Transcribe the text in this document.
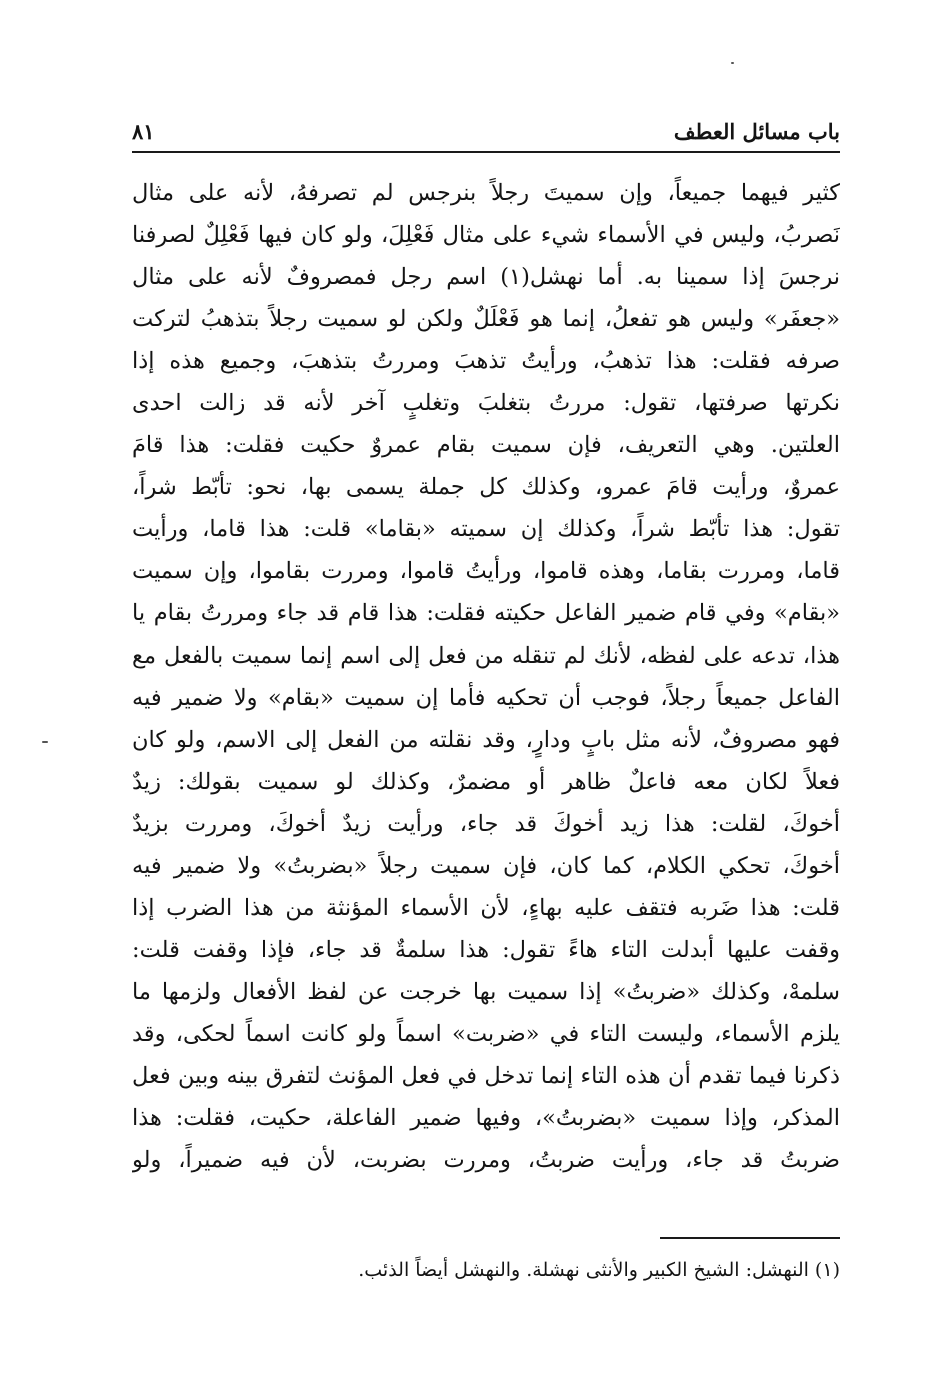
باب مسائل العطف
٨١
كثير فيهما جميعاً، وإن سميتَ رجلاً بنرجس لم تصرفهُ، لأنه على مثال
نَصربُ، وليس في الأسماء شيء على مثال فَعْلِلَ، ولو كان فيها فَعْلِلٌ لصرفنا
نرجسَ إذا سمينا به. أما نهشل(١) اسم رجل فمصروفٌ لأنه على مثال
«جعفَر» وليس هو تفعلُ، إنما هو فَعْلَلٌ ولكن لو سميت رجلاً بتذهبُ لتركت
صرفه فقلت: هذا تذهبُ، ورأيتُ تذهبَ ومررتُ بتذهبَ، وجميع هذه إذا
نكرتها صرفتها، تقول: مررتُ بتغلبَ وتغلبٍ آخر لأنه قد زالت احدى
العلتين. وهي التعريف، فإن سميت بقام عمروٌ حكيت فقلت: هذا قامَ
عمروٌ، ورأيت قامَ عمرو، وكذلك كل جملة يسمى بها، نحو: تأبّط شراً،
تقول: هذا تأبّط شراً، وكذلك إن سميته «بقاما» قلت: هذا قاما، ورأيت
قاما، ومررت بقاما، وهذه قاموا، ورأيتُ قاموا، ومررت بقاموا، وإن سميت
«بقام» وفي قام ضمير الفاعل حكيته فقلت: هذا قام قد جاء ومررتُ بقام يا
هذا، تدعه على لفظه، لأنك لم تنقله من فعل إلى اسم إنما سميت بالفعل مع
الفاعل جميعاً رجلاً، فوجب أن تحكيه فأما إن سميت «بقام» ولا ضمير فيه
فهو مصروفٌ، لأنه مثل بابٍ ودارٍ، وقد نقلته من الفعل إلى الاسم، ولو كان
فعلاً لكان معه فاعلٌ ظاهر أو مضمرٌ، وكذلك لو سميت بقولك: زيدٌ
أخوكَ، لقلت: هذا زيد أخوكَ قد جاء، ورأيت زيدٌ أخوكَ، ومررت بزيدٌ
أخوكَ، تحكي الكلام، كما كان، فإن سميت رجلاً «بضربتُ» ولا ضمير فيه
قلت: هذا ضَربه فتقف عليه بهاءٍ، لأن الأسماء المؤنثة من هذا الضرب إذا
وقفت عليها أبدلت التاء هاءً تقول: هذا سلمةٌ قد جاء، فإذا وقفت قلت:
سلمهْ، وكذلك «ضربتُ» إذا سميت بها خرجت عن لفظ الأفعال ولزمها ما
يلزم الأسماء، وليست التاء في «ضربت» اسماً ولو كانت اسماً لحكى، وقد
ذكرنا فيما تقدم أن هذه التاء إنما تدخل في فعل المؤنث لتفرق بينه وبين فعل
المذكر، وإذا سميت «بضربتُ»، وفيها ضمير الفاعلة، حكيت، فقلت: هذا
ضربتُ قد جاء، ورأيت ضربتُ، ومررت بضربت، لأن فيه ضميراً، ولو
(١) النهشل: الشيخ الكبير والأنثى نهشلة. والنهشل أيضاً الذئب.
